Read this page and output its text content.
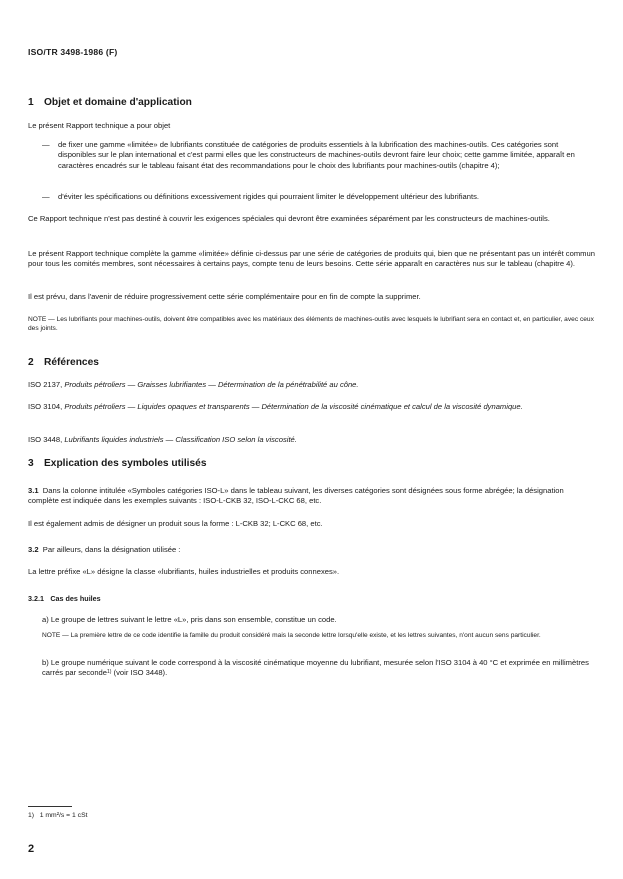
ISO/TR 3498-1986 (F)
1 Objet et domaine d'application
Le présent Rapport technique a pour objet
—	de fixer une gamme «limitée» de lubrifiants constituée de catégories de produits essentiels à la lubrification des machines-outils. Ces catégories sont disponibles sur le plan international et c'est parmi elles que les constructeurs de machines-outils devront faire leur choix; cette gamme limitée, apparaît en caractères encadrés sur le tableau faisant état des recommandations pour le choix des lubrifiants pour machines-outils (chapitre 4);
—	d'éviter les spécifications ou définitions excessivement rigides qui pourraient limiter le développement ultérieur des lubrifiants.
Ce Rapport technique n'est pas destiné à couvrir les exigences spéciales qui devront être examinées séparément par les constructeurs de machines-outils.
Le présent Rapport technique complète la gamme «limitée» définie ci-dessus par une série de catégories de produits qui, bien que ne présentant pas un intérêt commun pour tous les comités membres, sont nécessaires à certains pays, compte tenu de leurs besoins. Cette série apparaît en caractères nus sur le tableau (chapitre 4).
Il est prévu, dans l'avenir de réduire progressivement cette série complémentaire pour en fin de compte la supprimer.
NOTE — Les lubrifiants pour machines-outils, doivent être compatibles avec les matériaux des éléments de machines-outils avec lesquels le lubrifiant sera en contact et, en particulier, avec ceux des joints.
2 Références
ISO 2137, Produits pétroliers — Graisses lubrifiantes — Détermination de la pénétrabilité au cône.
ISO 3104, Produits pétroliers — Liquides opaques et transparents — Détermination de la viscosité cinématique et calcul de la viscosité dynamique.
ISO 3448, Lubrifiants liquides industriels — Classification ISO selon la viscosité.
3 Explication des symboles utilisés
3.1 Dans la colonne intitulée «Symboles catégories ISO-L» dans le tableau suivant, les diverses catégories sont désignées sous forme abrégée; la désignation complète est indiquée dans les exemples suivants : ISO-L-CKB 32, ISO-L-CKC 68, etc.
Il est également admis de désigner un produit sous la forme : L-CKB 32; L-CKC 68, etc.
3.2 Par ailleurs, dans la désignation utilisée :
La lettre préfixe «L» désigne la classe «lubrifiants, huiles industrielles et produits connexes».
3.2.1 Cas des huiles
a) Le groupe de lettres suivant le lettre «L», pris dans son ensemble, constitue un code.
NOTE — La première lettre de ce code identifie la famille du produit considéré mais la seconde lettre lorsqu'elle existe, et les lettres suivantes, n'ont aucun sens particulier.
b) Le groupe numérique suivant le code correspond à la viscosité cinématique moyenne du lubrifiant, mesurée selon l'ISO 3104 à 40 °C et exprimée en millimètres carrés par seconde$^{1)}$ (voir ISO 3448).
1) 1 mm²/s = 1 cSt
2
